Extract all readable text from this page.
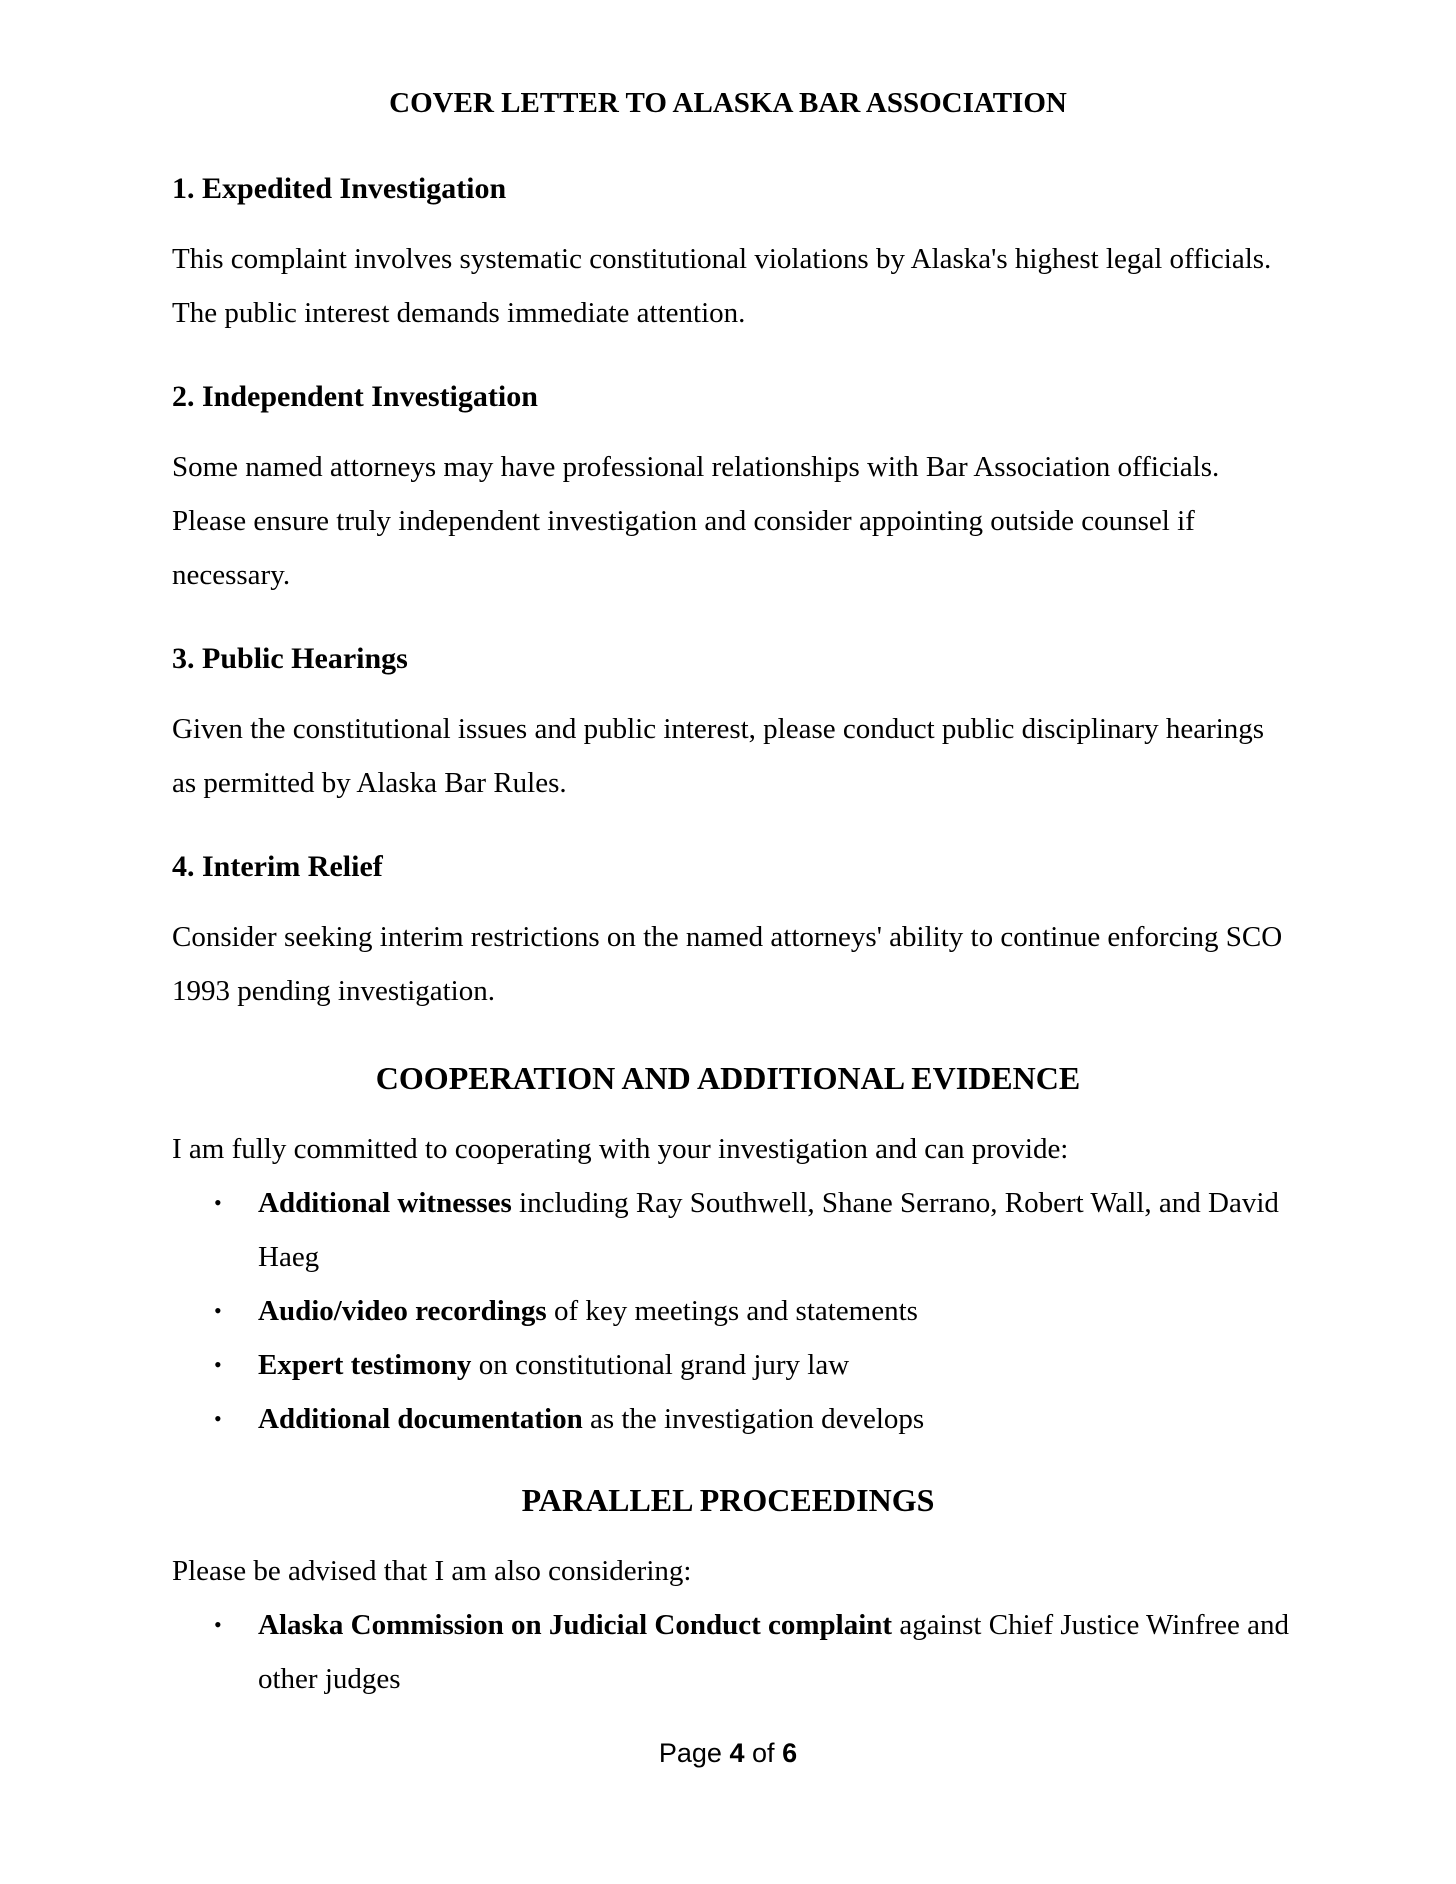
COVER LETTER TO ALASKA BAR ASSOCIATION
1. Expedited Investigation

This complaint involves systematic constitutional violations by Alaska's highest legal officials. The public interest demands immediate attention.

2. Independent Investigation

Some named attorneys may have professional relationships with Bar Association officials. Please ensure truly independent investigation and consider appointing outside counsel if necessary.

3. Public Hearings

Given the constitutional issues and public interest, please conduct public disciplinary hearings as permitted by Alaska Bar Rules.

4. Interim Relief

Consider seeking interim restrictions on the named attorneys' ability to continue enforcing SCO 1993 pending investigation.

COOPERATION AND ADDITIONAL EVIDENCE

I am fully committed to cooperating with your investigation and can provide:

• Additional witnesses including Ray Southwell, Shane Serrano, Robert Wall, and David Haeg
• Audio/video recordings of key meetings and statements
• Expert testimony on constitutional grand jury law
• Additional documentation as the investigation develops
PARALLEL PROCEEDINGS

Please be advised that I am also considering:

• Alaska Commission on Judicial Conduct complaint against Chief Justice Winfree and other judges
Page 4 of 6
